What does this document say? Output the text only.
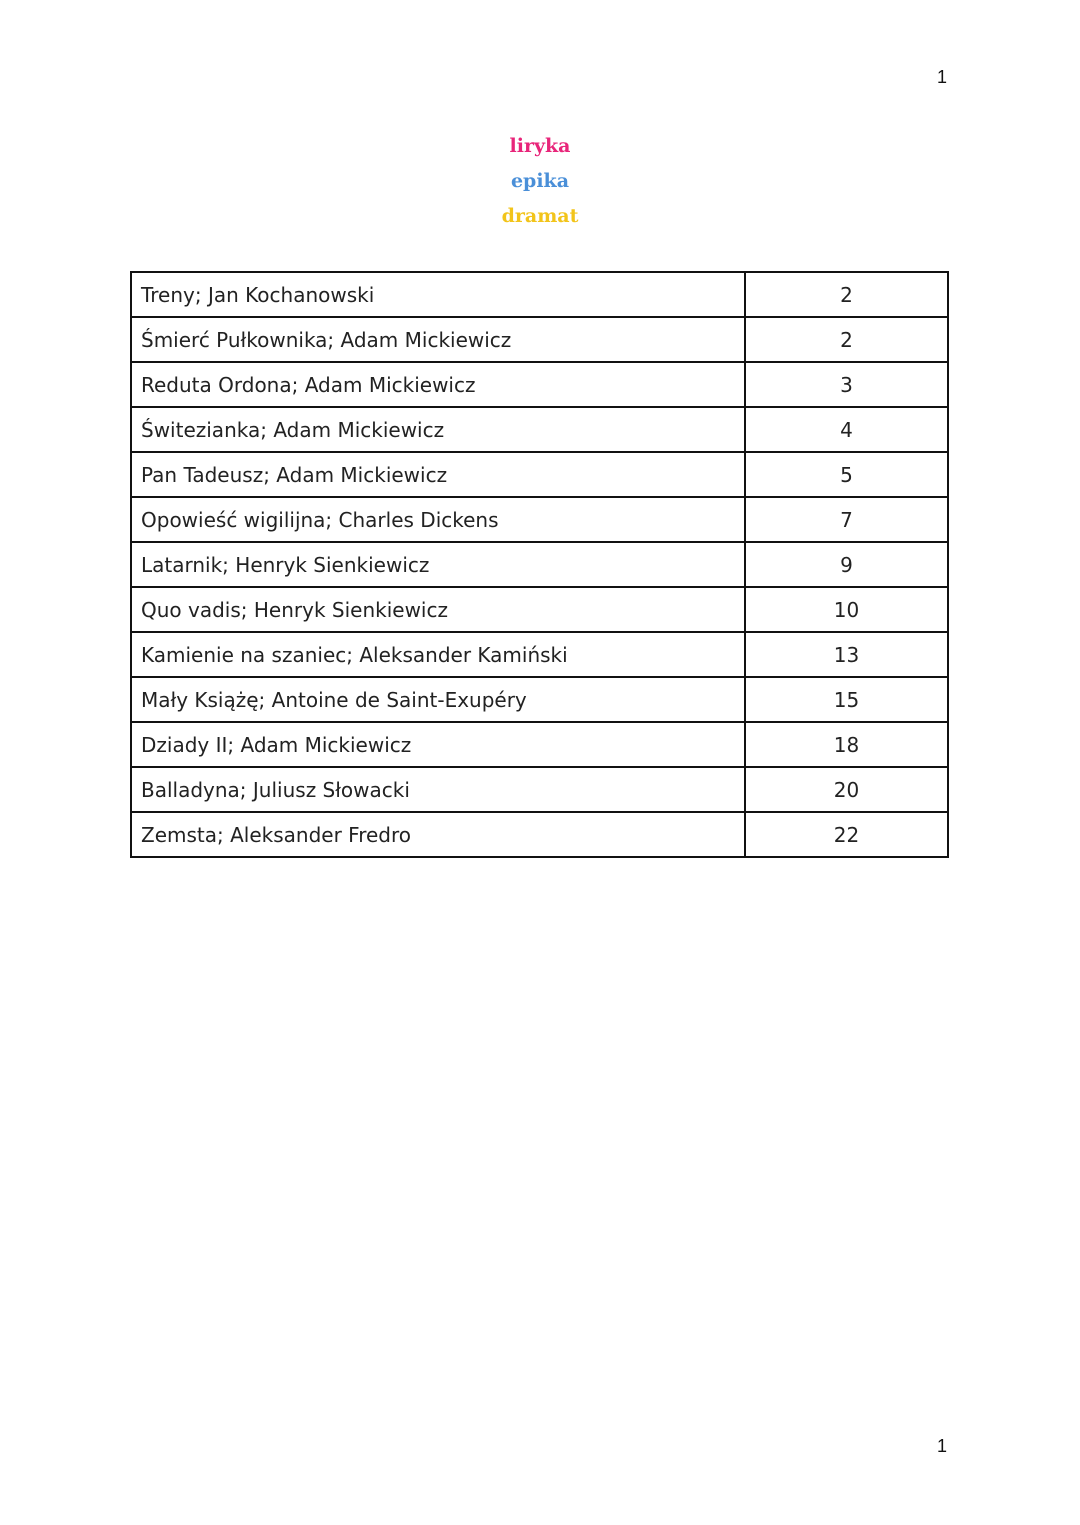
1
liryka
epika
dramat
Treny; Jan Kochanowski	2
Śmierć Pułkownika; Adam Mickiewicz	2
Reduta Ordona; Adam Mickiewicz	3
Świtezianka; Adam Mickiewicz	4
Pan Tadeusz; Adam Mickiewicz	5
Opowieść wigilijna; Charles Dickens	7
Latarnik; Henryk Sienkiewicz	9
Quo vadis; Henryk Sienkiewicz	10
Kamienie na szaniec; Aleksander Kamiński	13
Mały Książę; Antoine de Saint-Exupéry	15
Dziady II; Adam Mickiewicz	18
Balladyna; Juliusz Słowacki	20
Zemsta; Aleksander Fredro	22
1
